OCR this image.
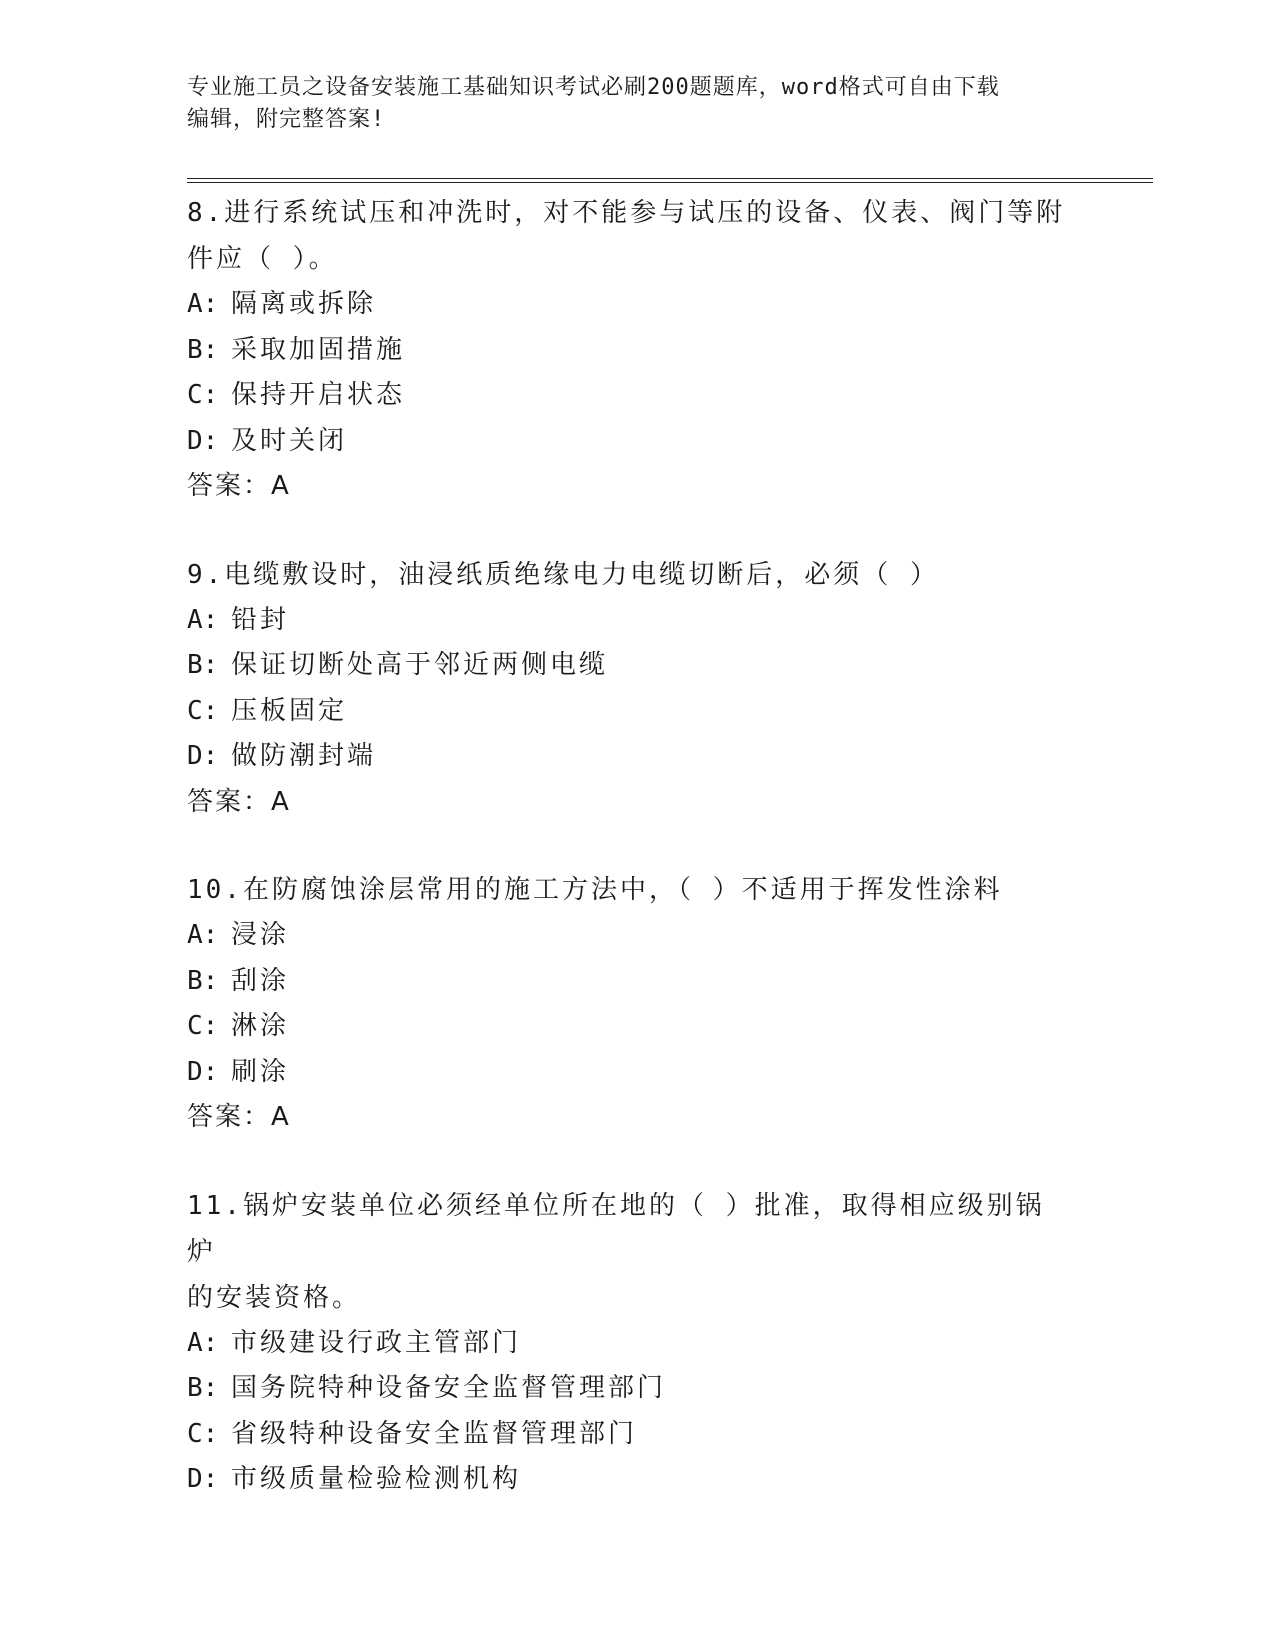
专业施工员之设备安装施工基础知识考试必刷200题题库，word格式可自由下载
编辑，附完整答案!
8.进行系统试压和冲洗时，对不能参与试压的设备、仪表、阀门等附
件应（ ）。
A: 隔离或拆除
B: 采取加固措施
C: 保持开启状态
D: 及时关闭
答案：A
9.电缆敷设时，油浸纸质绝缘电力电缆切断后，必须（ ）
A: 铅封
B: 保证切断处高于邻近两侧电缆
C: 压板固定
D: 做防潮封端
答案：A
10.在防腐蚀涂层常用的施工方法中，（ ）不适用于挥发性涂料
A: 浸涂
B: 刮涂
C: 淋涂
D: 刷涂
答案：A
11.锅炉安装单位必须经单位所在地的（ ）批准，取得相应级别锅炉
的安装资格。
A: 市级建设行政主管部门
B: 国务院特种设备安全监督管理部门
C: 省级特种设备安全监督管理部门
D: 市级质量检验检测机构
